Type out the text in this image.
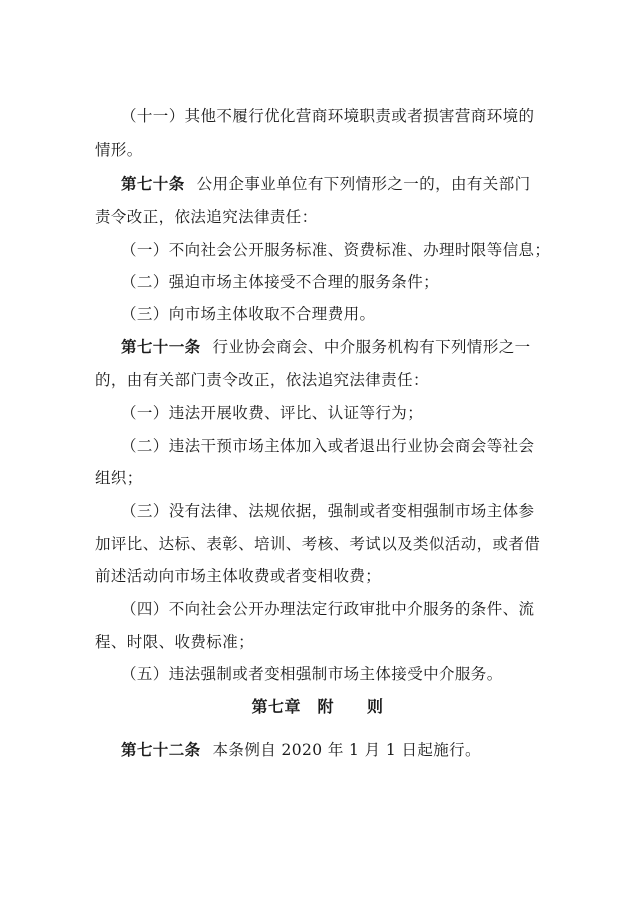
（十一）其他不履行优化营商环境职责或者损害营商环境的
情形。
第七十条 公用企事业单位有下列情形之一的，由有关部门
责令改正，依法追究法律责任：
（一）不向社会公开服务标准、资费标准、办理时限等信息；
（二）强迫市场主体接受不合理的服务条件；
（三）向市场主体收取不合理费用。
第七十一条 行业协会商会、中介服务机构有下列情形之一
的，由有关部门责令改正，依法追究法律责任：
（一）违法开展收费、评比、认证等行为；
（二）违法干预市场主体加入或者退出行业协会商会等社会
组织；
（三）没有法律、法规依据，强制或者变相强制市场主体参
加评比、达标、表彰、培训、考核、考试以及类似活动，或者借
前述活动向市场主体收费或者变相收费；
（四）不向社会公开办理法定行政审批中介服务的条件、流
程、时限、收费标准；
（五）违法强制或者变相强制市场主体接受中介服务。
第七章　附　　则
第七十二条 本条例自 2020 年 1 月 1 日起施行。
